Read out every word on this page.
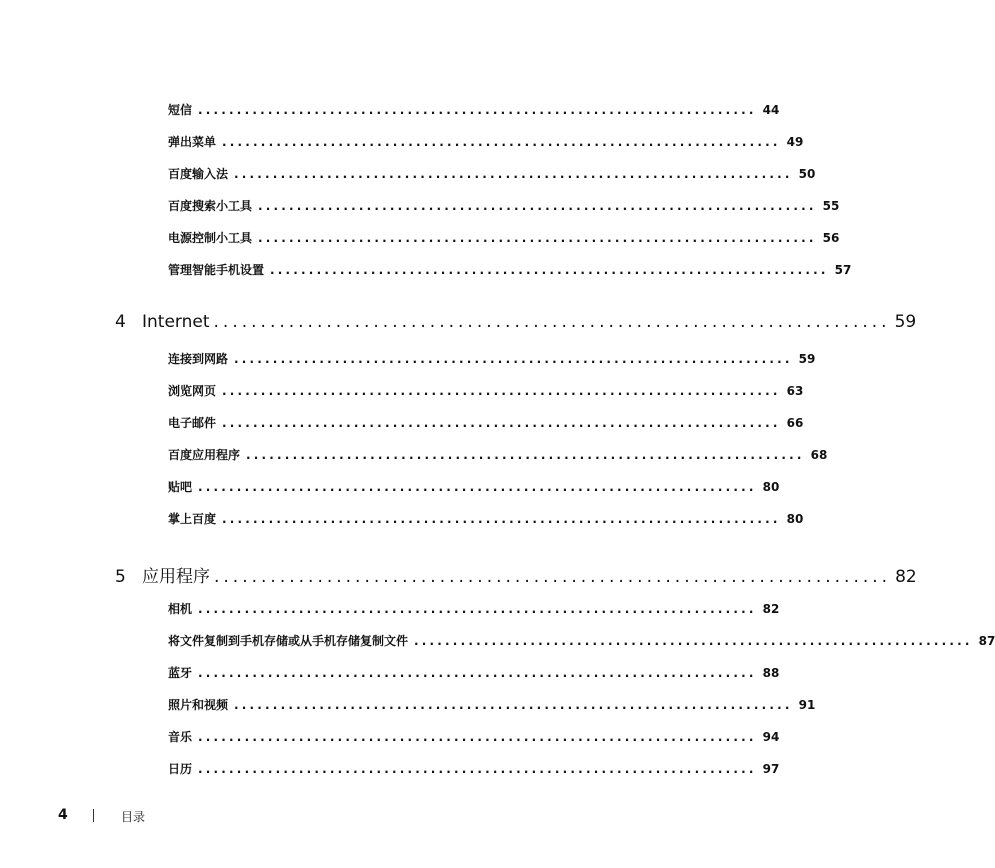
短信 ........................................................................ 44
弹出菜单 ........................................................................ 49
百度输入法 ........................................................................ 50
百度搜索小工具 ........................................................................ 55
电源控制小工具 ........................................................................ 56
管理智能手机设置 ........................................................................ 57
4 Internet ........................................................................ 59
连接到网路 ........................................................................ 59
浏览网页 ........................................................................ 63
电子邮件 ........................................................................ 66
百度应用程序 ........................................................................ 68
贴吧 ........................................................................ 80
掌上百度 ........................................................................ 80
5 应用程序 ........................................................................ 82
相机 ........................................................................ 82
将文件复制到手机存储或从手机存储复制文件 ........................................................................ 87
蓝牙 ........................................................................ 88
照片和视频 ........................................................................ 91
音乐 ........................................................................ 94
日历 ........................................................................ 97
4	目录
